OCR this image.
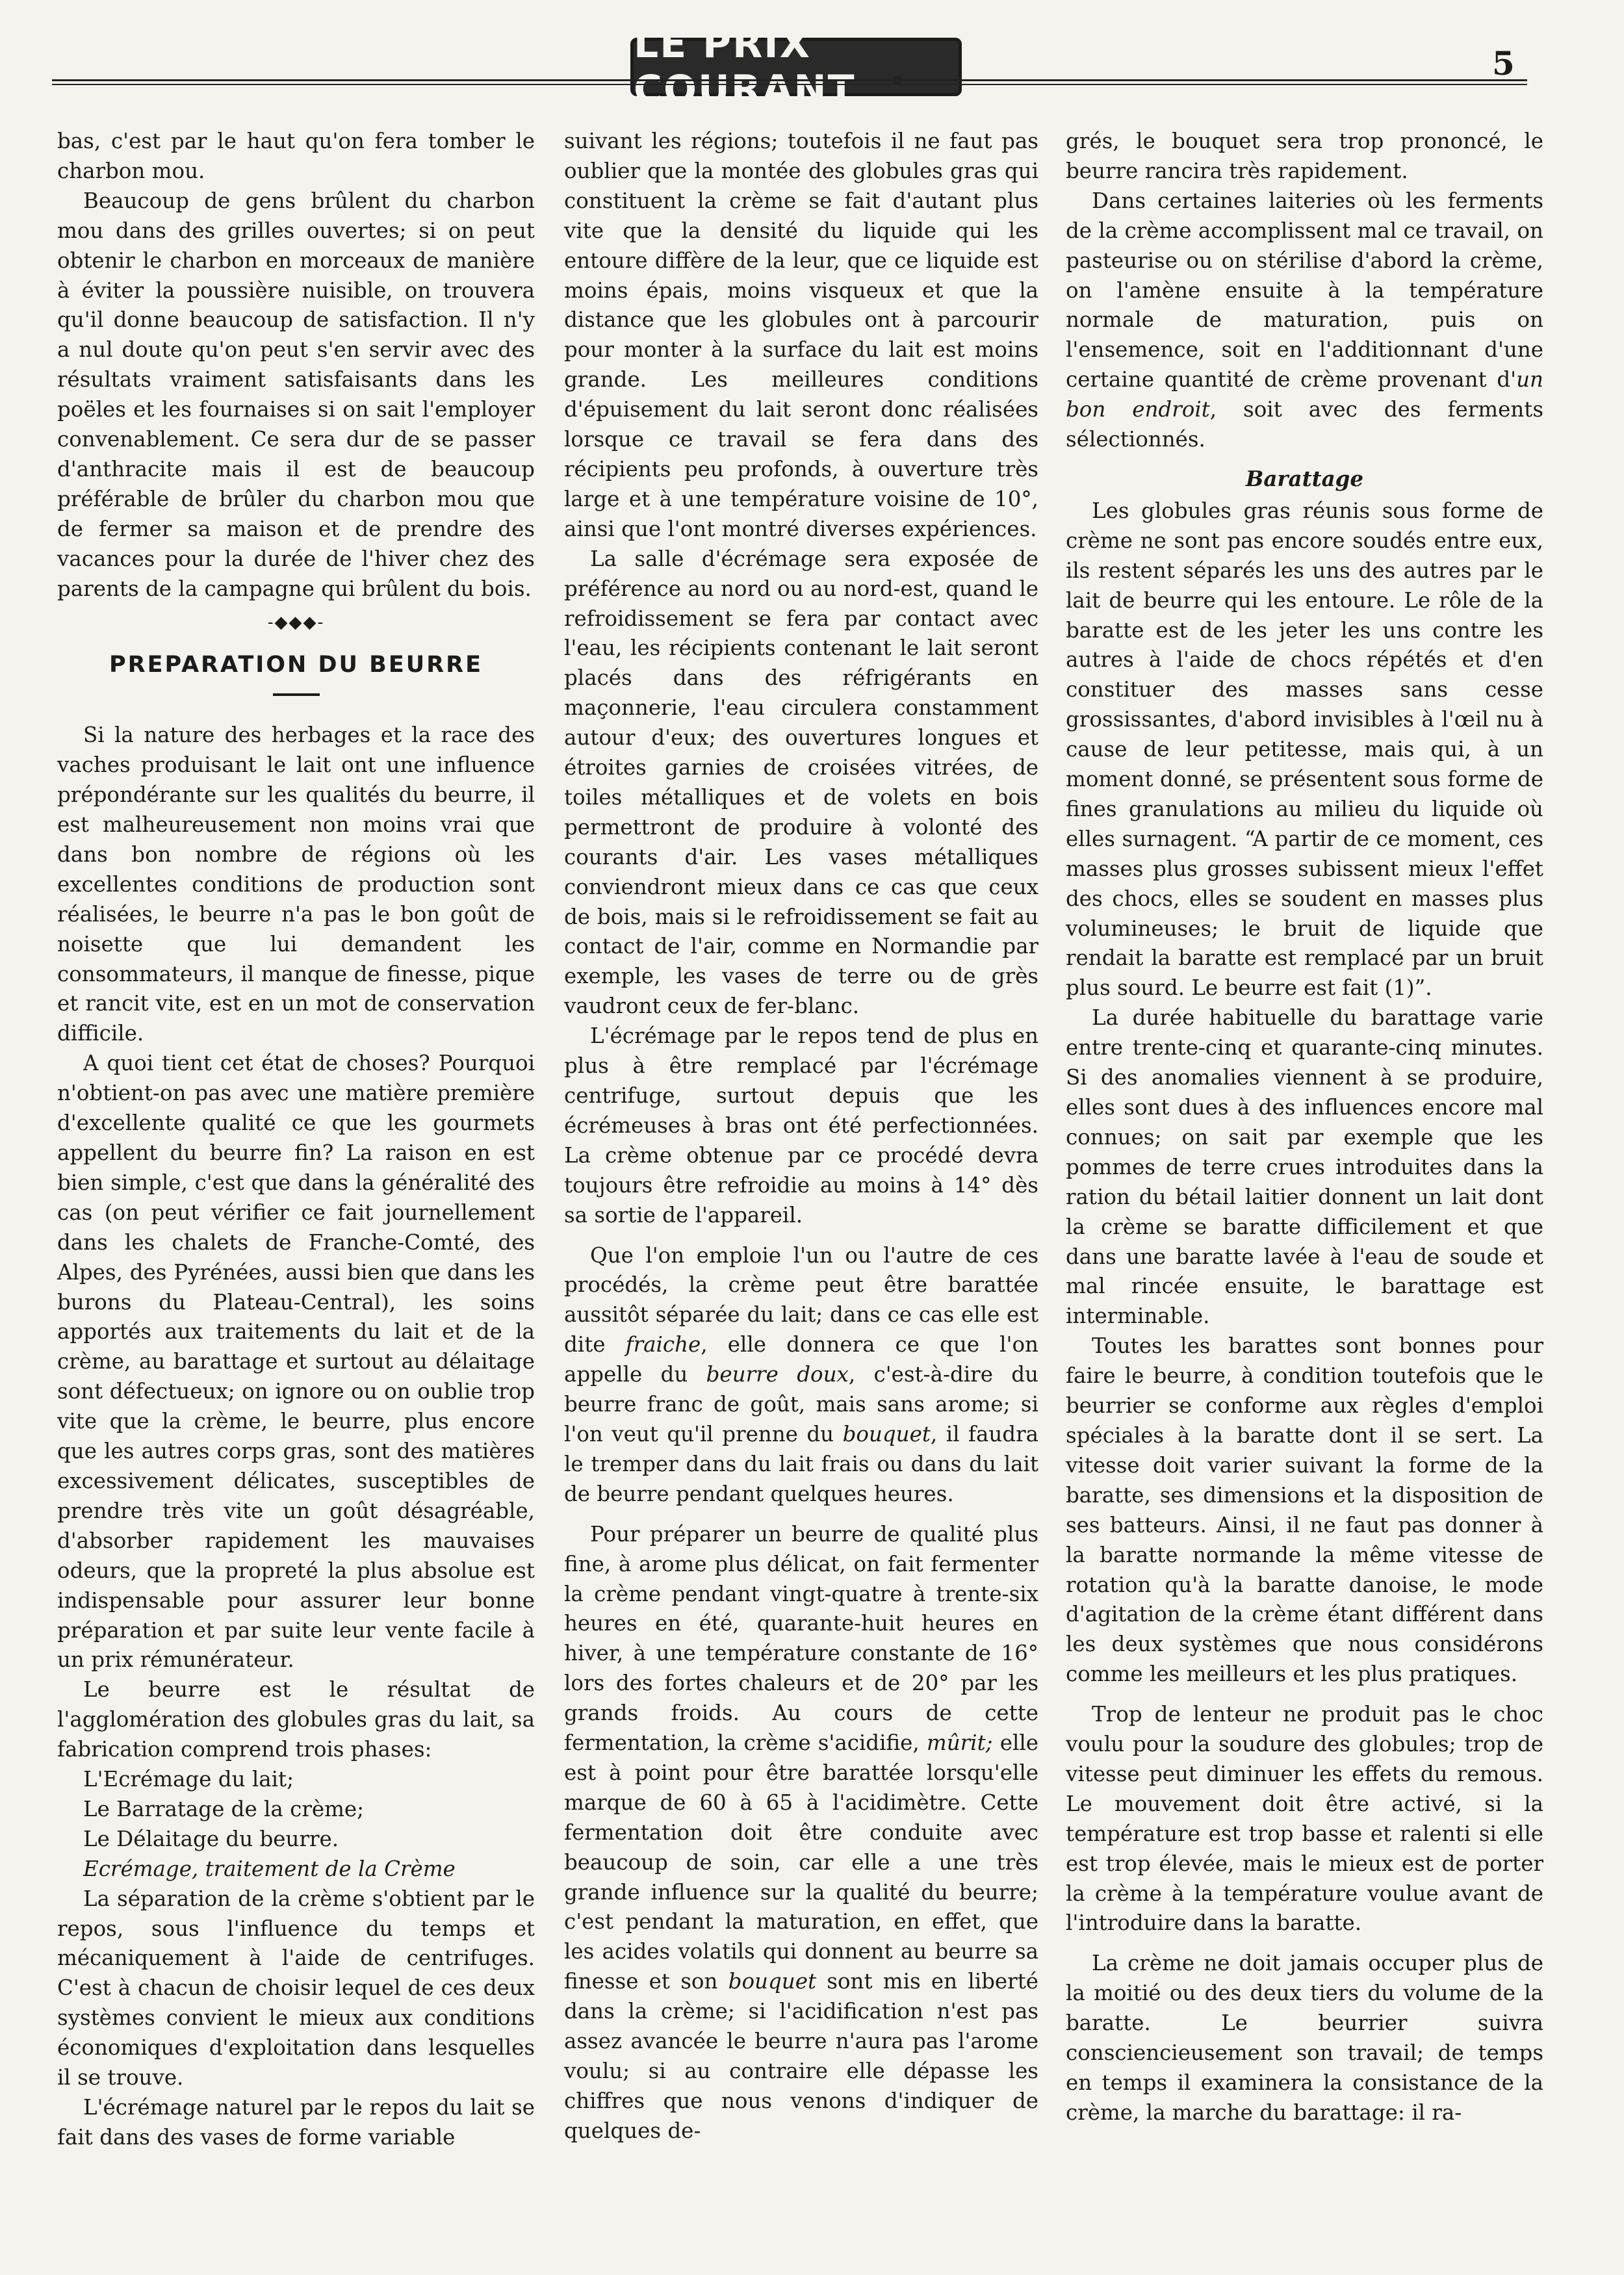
LE PRIX COURANT
5

bas, c'est par le haut qu'on fera tomber le charbon mou.

Beaucoup de gens brûlent du charbon mou dans des grilles ouvertes; si on peut obtenir le charbon en morceaux de manière à éviter la poussière nuisible, on trouvera qu'il donne beaucoup de satisfaction. Il n'y a nul doute qu'on peut s'en servir avec des résultats vraiment satisfaisants dans les poëles et les fournaises si on sait l'employer convenablement. Ce sera dur de se passer d'anthracite mais il est de beaucoup préférable de brûler du charbon mou que de fermer sa maison et de prendre des vacances pour la durée de l'hiver chez des parents de la campagne qui brûlent du bois.

-◆◆◆-
PREPARATION DU BEURRE

Si la nature des herbages et la race des vaches produisant le lait ont une influence prépondérante sur les qualités du beurre, il est malheureusement non moins vrai que dans bon nombre de régions où les excellentes conditions de production sont réalisées, le beurre n'a pas le bon goût de noisette que lui demandent les consommateurs, il manque de finesse, pique et rancit vite, est en un mot de conservation difficile.

A quoi tient cet état de choses? Pourquoi n'obtient-on pas avec une matière première d'excellente qualité ce que les gourmets appellent du beurre fin? La raison en est bien simple, c'est que dans la généralité des cas (on peut vérifier ce fait journellement dans les chalets de Franche-Comté, des Alpes, des Pyrénées, aussi bien que dans les burons du Plateau-Central), les soins apportés aux traitements du lait et de la crème, au barattage et surtout au délaitage sont défectueux; on ignore ou on oublie trop vite que la crème, le beurre, plus encore que les autres corps gras, sont des matières excessivement délicates, susceptibles de prendre très vite un goût désagréable, d'absorber rapidement les mauvaises odeurs, que la propreté la plus absolue est indispensable pour assurer leur bonne préparation et par suite leur vente facile à un prix rémunérateur.

Le beurre est le résultat de l'agglomération des globules gras du lait, sa fabrication comprend trois phases:

L'Ecrémage du lait;

Le Barratage de la crème;

Le Délaitage du beurre.

Ecrémage, traitement de la Crème

La séparation de la crème s'obtient par le repos, sous l'influence du temps et mécaniquement à l'aide de centrifuges. C'est à chacun de choisir lequel de ces deux systèmes convient le mieux aux conditions économiques d'exploitation dans lesquelles il se trouve.

L'écrémage naturel par le repos du lait se fait dans des vases de forme variable

suivant les régions; toutefois il ne faut pas oublier que la montée des globules gras qui constituent la crème se fait d'autant plus vite que la densité du liquide qui les entoure diffère de la leur, que ce liquide est moins épais, moins visqueux et que la distance que les globules ont à parcourir pour monter à la surface du lait est moins grande. Les meilleures conditions d'épuisement du lait seront donc réalisées lorsque ce travail se fera dans des récipients peu profonds, à ouverture très large et à une température voisine de 10°, ainsi que l'ont montré diverses expériences.

La salle d'écrémage sera exposée de préférence au nord ou au nord-est, quand le refroidissement se fera par contact avec l'eau, les récipients contenant le lait seront placés dans des réfrigérants en maçonnerie, l'eau circulera constamment autour d'eux; des ouvertures longues et étroites garnies de croisées vitrées, de toiles métalliques et de volets en bois permettront de produire à volonté des courants d'air. Les vases métalliques conviendront mieux dans ce cas que ceux de bois, mais si le refroidissement se fait au contact de l'air, comme en Normandie par exemple, les vases de terre ou de grès vaudront ceux de fer-blanc.

L'écrémage par le repos tend de plus en plus à être remplacé par l'écrémage centrifuge, surtout depuis que les écrémeuses à bras ont été perfectionnées. La crème obtenue par ce procédé devra toujours être refroidie au moins à 14° dès sa sortie de l'appareil.

Que l'on emploie l'un ou l'autre de ces procédés, la crème peut être barattée aussitôt séparée du lait; dans ce cas elle est dite fraiche, elle donnera ce que l'on appelle du beurre doux, c'est-à-dire du beurre franc de goût, mais sans arome; si l'on veut qu'il prenne du bouquet, il faudra le tremper dans du lait frais ou dans du lait de beurre pendant quelques heures.

Pour préparer un beurre de qualité plus fine, à arome plus délicat, on fait fermenter la crème pendant vingt-quatre à trente-six heures en été, quarante-huit heures en hiver, à une température constante de 16° lors des fortes chaleurs et de 20° par les grands froids. Au cours de cette fermentation, la crème s'acidifie, mûrit; elle est à point pour être barattée lorsqu'elle marque de 60 à 65 à l'acidimètre. Cette fermentation doit être conduite avec beaucoup de soin, car elle a une très grande influence sur la qualité du beurre; c'est pendant la maturation, en effet, que les acides volatils qui donnent au beurre sa finesse et son bouquet sont mis en liberté dans la crème; si l'acidification n'est pas assez avancée le beurre n'aura pas l'arome voulu; si au contraire elle dépasse les chiffres que nous venons d'indiquer de quelques de-

grés, le bouquet sera trop prononcé, le beurre rancira très rapidement.

Dans certaines laiteries où les ferments de la crème accomplissent mal ce travail, on pasteurise ou on stérilise d'abord la crème, on l'amène ensuite à la température normale de maturation, puis on l'ensemence, soit en l'additionnant d'une certaine quantité de crème provenant d'un bon endroit, soit avec des ferments sélectionnés.

Barattage

Les globules gras réunis sous forme de crème ne sont pas encore soudés entre eux, ils restent séparés les uns des autres par le lait de beurre qui les entoure. Le rôle de la baratte est de les jeter les uns contre les autres à l'aide de chocs répétés et d'en constituer des masses sans cesse grossissantes, d'abord invisibles à l'œil nu à cause de leur petitesse, mais qui, à un moment donné, se présentent sous forme de fines granulations au milieu du liquide où elles surnagent. “A partir de ce moment, ces masses plus grosses subissent mieux l'effet des chocs, elles se soudent en masses plus volumineuses; le bruit de liquide que rendait la baratte est remplacé par un bruit plus sourd. Le beurre est fait (1)”.

La durée habituelle du barattage varie entre trente-cinq et quarante-cinq minutes. Si des anomalies viennent à se produire, elles sont dues à des influences encore mal connues; on sait par exemple que les pommes de terre crues introduites dans la ration du bétail laitier donnent un lait dont la crème se baratte difficilement et que dans une baratte lavée à l'eau de soude et mal rincée ensuite, le barattage est interminable.

Toutes les barattes sont bonnes pour faire le beurre, à condition toutefois que le beurrier se conforme aux règles d'emploi spéciales à la baratte dont il se sert. La vitesse doit varier suivant la forme de la baratte, ses dimensions et la disposition de ses batteurs. Ainsi, il ne faut pas donner à la baratte normande la même vitesse de rotation qu'à la baratte danoise, le mode d'agitation de la crème étant différent dans les deux systèmes que nous considérons comme les meilleurs et les plus pratiques.

Trop de lenteur ne produit pas le choc voulu pour la soudure des globules; trop de vitesse peut diminuer les effets du remous. Le mouvement doit être activé, si la température est trop basse et ralenti si elle est trop élevée, mais le mieux est de porter la crème à la température voulue avant de l'introduire dans la baratte.

La crème ne doit jamais occuper plus de la moitié ou des deux tiers du volume de la baratte. Le beurrier suivra consciencieusement son travail; de temps en temps il examinera la consistance de la crème, la marche du barattage: il ra-
